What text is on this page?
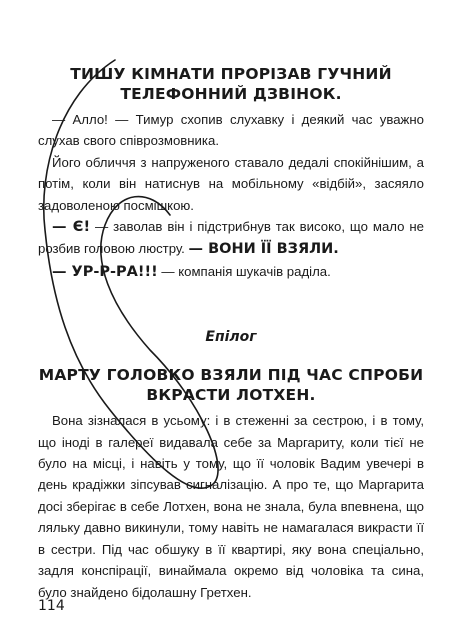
ТИШУ КІМНАТИ ПРОРІЗАВ ГУЧНИЙ
ТЕЛЕФОННИЙ ДЗВІНОК.

— Алло! — Тимур схопив слухавку і деякий час уважно слухав свого співрозмовника.

Його обличчя з напруженого ставало дедалі спокійнішим, а потім, коли він натиснув на мобільному «відбій», засяяло задоволеною посмішкою.

— Є! — заволав він і підстрибнув так високо, що мало не розбив головою люстру. — ВОНИ ЇЇ ВЗЯЛИ.

— УР-Р-РА!!! — компанія шукачів раділа.

Епілог

МАРТУ ГОЛОВКО ВЗЯЛИ ПІД ЧАС СПРОБИ
ВКРАСТИ ЛОТХЕН.

Вона зізналася в усьому: і в стеженні за сестрою, і в тому, що іноді в галереї видавала себе за Маргариту, коли тієї не було на місці, і навіть у тому, що її чоловік Вадим увечері в день крадіжки зіпсував сигналізацію. А про те, що Маргарита досі зберігає в себе Лотхен, вона не знала, була впевнена, що ляльку давно викинули, тому навіть не намагалася викрасти її в сестри. Під час обшуку в її квартирі, яку вона спеціально, задля конспірації, винаймала окремо від чоловіка та сина, було знайдено бідолашну Гретхен.

114
